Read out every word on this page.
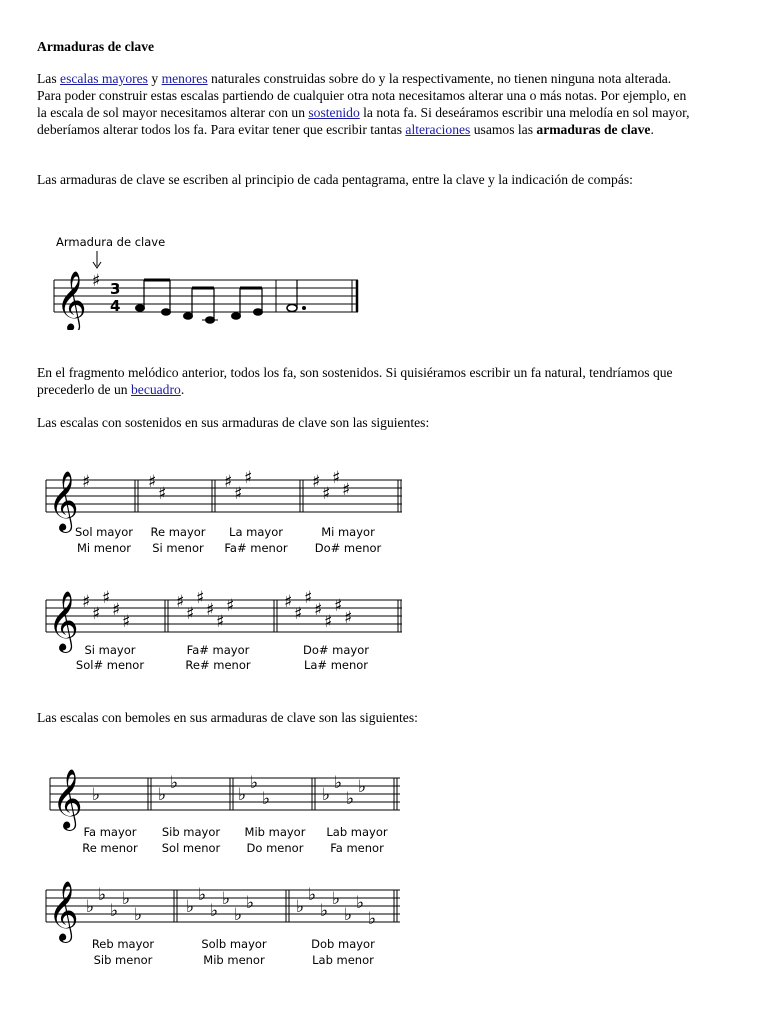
Armaduras de clave

Las escalas mayores y menores naturales construidas sobre do y la respectivamente, no tienen ninguna nota alterada. Para poder construir estas escalas partiendo de cualquier otra nota necesitamos alterar una o más notas. Por ejemplo, en la escala de sol mayor necesitamos alterar con un sostenido la nota fa. Si deseáramos escribir una melodía en sol mayor, deberíamos alterar todos los fa. Para evitar tener que escribir tantas alteraciones usamos las armaduras de clave.

Las armaduras de clave se escriben al principio de cada pentagrama, entre la clave y la indicación de compás:

Armadura de clave
𝄞 ♯ 3
4

En el fragmento melódico anterior, todos los fa, son sostenidos. Si quisiéramos escribir un fa natural, tendríamos que precederlo de un becuadro.

Las escalas con sostenidos en sus armaduras de clave son las siguientes:

𝄞 ♯	♯
♯
♯
♯
♯	♯
♯
♯
♯
Sol mayor
Mi menor
Re mayor
Si menor
La mayor
Fa# menor
Mi mayor
Do# menor
𝄞 ♯
♯
♯
♯
♯
♯
♯
♯
♯
♯
♯	♯
♯
♯
♯
♯
♯
♯
Si mayor
Sol# menor
Fa# mayor
Re# menor
Do# mayor
La# menor

Las escalas con bemoles en sus armaduras de clave son las siguientes:

𝄞 ♭	♭
♭
♭
♭
♭	♭
♭
♭
♭
Fa mayor
Re menor
Sib mayor
Sol menor
Mib mayor
Do menor
Lab mayor
Fa menor
𝄞 ♭
♭
♭
♭
♭	♭
♭
♭
♭
♭
♭ ♭
♭
♭
♭
♭
♭
♭
Reb mayor
Sib menor
Solb mayor
Mib menor
Dob mayor
Lab menor
